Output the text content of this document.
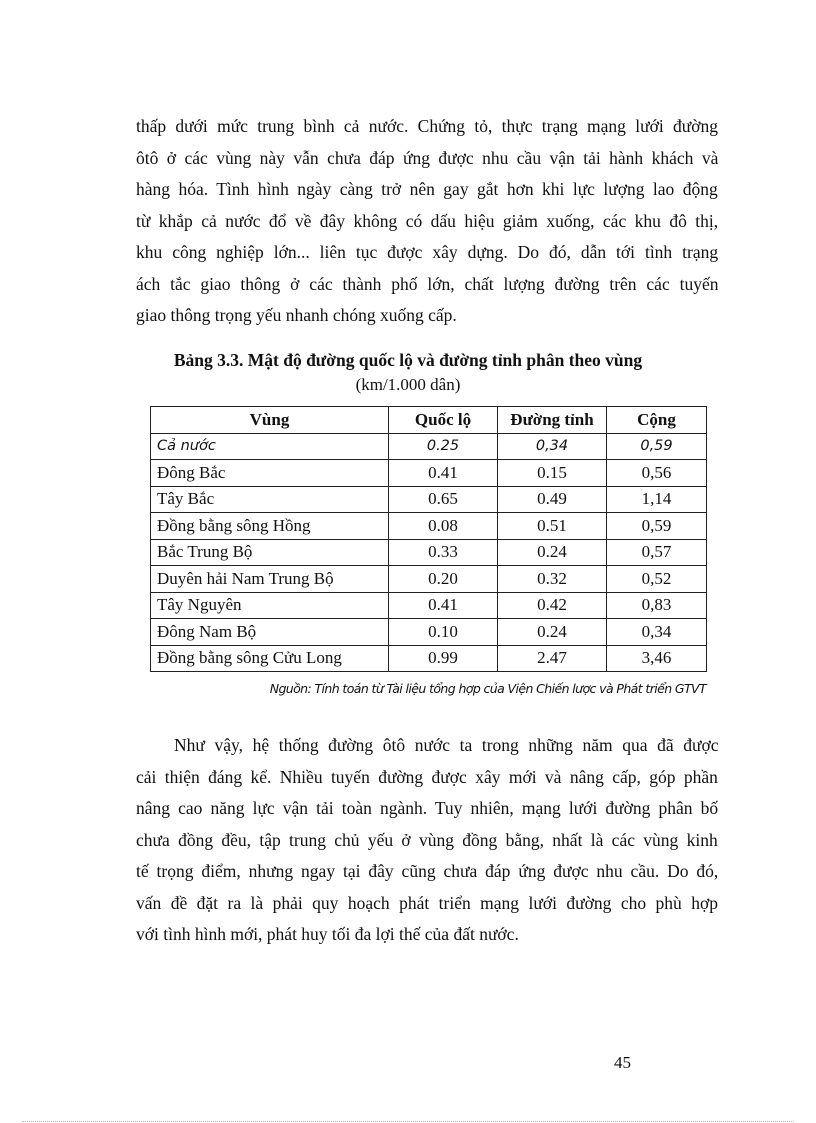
thấp dưới mức trung bình cả nước. Chứng tỏ, thực trạng mạng lưới đường
ôtô ở các vùng này vẫn chưa đáp ứng được nhu cầu vận tải hành khách và
hàng hóa. Tình hình ngày càng trở nên gay gắt hơn khi lực lượng lao động
từ khắp cả nước đổ về đây không có dấu hiệu giảm xuống, các khu đô thị,
khu công nghiệp lớn... liên tục được xây dựng. Do đó, dẫn tới tình trạng
ách tắc giao thông ở các thành phố lớn, chất lượng đường trên các tuyến
giao thông trọng yếu nhanh chóng xuống cấp.

Bảng 3.3. Mật độ đường quốc lộ và đường tỉnh phân theo vùng

(km/1.000 dân)

Vùng	Quốc lộ	Đường tỉnh	Cộng
Cả nước	0.25	0,34	0,59
Đông Bắc	0.41	0.15	0,56
Tây Bắc	0.65	0.49	1,14
Đồng bằng sông Hồng	0.08	0.51	0,59
Bắc Trung Bộ	0.33	0.24	0,57
Duyên hải Nam Trung Bộ	0.20	0.32	0,52
Tây Nguyên	0.41	0.42	0,83
Đông Nam Bộ	0.10	0.24	0,34
Đồng bằng sông Cửu Long	0.99	2.47	3,46

Nguồn: Tính toán từ Tài liệu tổng hợp của Viện Chiến lược và Phát triển GTVT

Như vậy, hệ thống đường ôtô nước ta trong những năm qua đã được
cải thiện đáng kể. Nhiều tuyến đường được xây mới và nâng cấp, góp phần
nâng cao năng lực vận tải toàn ngành. Tuy nhiên, mạng lưới đường phân bố
chưa đồng đều, tập trung chủ yếu ở vùng đồng bằng, nhất là các vùng kinh
tế trọng điểm, nhưng ngay tại đây cũng chưa đáp ứng được nhu cầu. Do đó,
vấn đề đặt ra là phải quy hoạch phát triển mạng lưới đường cho phù hợp
với tình hình mới, phát huy tối đa lợi thế của đất nước.

45
